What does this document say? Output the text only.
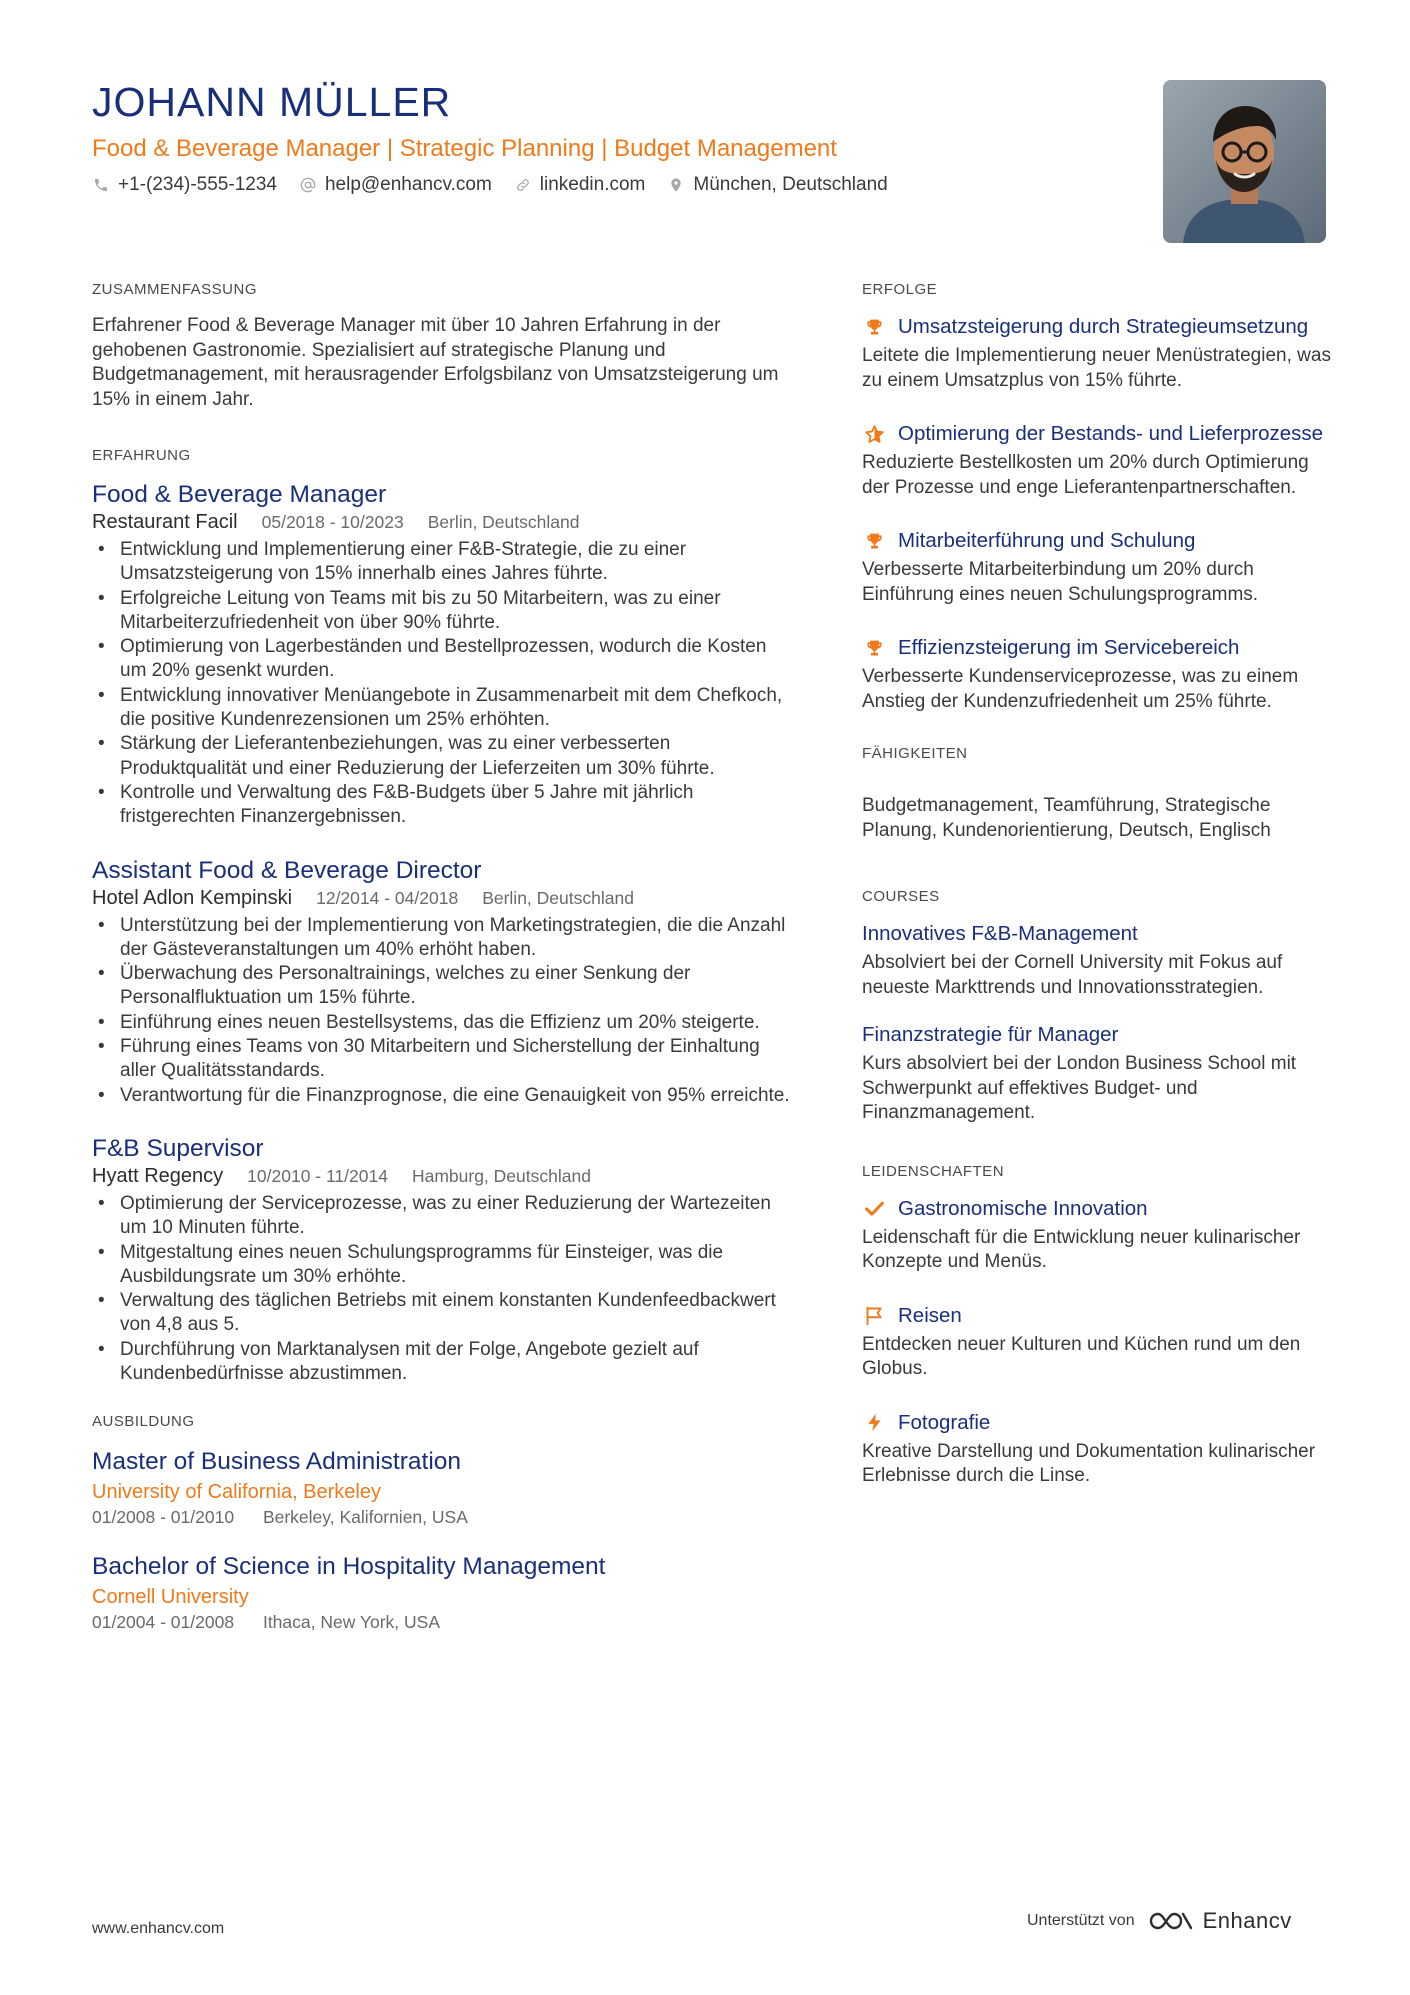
JOHANN MÜLLER
Food & Beverage Manager | Strategic Planning | Budget Management
+1-(234)-555-1234	help@enhancv.com	linkedin.com	München, Deutschland
ZUSAMMENFASSUNG
Erfahrener Food & Beverage Manager mit über 10 Jahren Erfahrung in der gehobenen Gastronomie. Spezialisiert auf strategische Planung und Budgetmanagement, mit herausragender Erfolgsbilanz von Umsatzsteigerung um 15% in einem Jahr.
ERFAHRUNG
Food & Beverage Manager
Restaurant Facil 05/2018 - 10/2023 Berlin, Deutschland
• Entwicklung und Implementierung einer F&B-Strategie, die zu einer Umsatzsteigerung von 15% innerhalb eines Jahres führte.
• Erfolgreiche Leitung von Teams mit bis zu 50 Mitarbeitern, was zu einer Mitarbeiterzufriedenheit von über 90% führte.
• Optimierung von Lagerbeständen und Bestellprozessen, wodurch die Kosten um 20% gesenkt wurden.
• Entwicklung innovativer Menüangebote in Zusammenarbeit mit dem Chefkoch, die positive Kundenrezensionen um 25% erhöhten.
• Stärkung der Lieferantenbeziehungen, was zu einer verbesserten Produktqualität und einer Reduzierung der Lieferzeiten um 30% führte.
• Kontrolle und Verwaltung des F&B-Budgets über 5 Jahre mit jährlich fristgerechten Finanzergebnissen.
Assistant Food & Beverage Director
Hotel Adlon Kempinski 12/2014 - 04/2018 Berlin, Deutschland
• Unterstützung bei der Implementierung von Marketingstrategien, die die Anzahl der Gästeveranstaltungen um 40% erhöht haben.
• Überwachung des Personaltrainings, welches zu einer Senkung der Personalfluktuation um 15% führte.
• Einführung eines neuen Bestellsystems, das die Effizienz um 20% steigerte.
• Führung eines Teams von 30 Mitarbeitern und Sicherstellung der Einhaltung aller Qualitätsstandards.
• Verantwortung für die Finanzprognose, die eine Genauigkeit von 95% erreichte.
F&B Supervisor
Hyatt Regency 10/2010 - 11/2014 Hamburg, Deutschland
• Optimierung der Serviceprozesse, was zu einer Reduzierung der Wartezeiten um 10 Minuten führte.
• Mitgestaltung eines neuen Schulungsprogramms für Einsteiger, was die Ausbildungsrate um 30% erhöhte.
• Verwaltung des täglichen Betriebs mit einem konstanten Kundenfeedbackwert von 4,8 aus 5.
• Durchführung von Marktanalysen mit der Folge, Angebote gezielt auf Kundenbedürfnisse abzustimmen.
AUSBILDUNG
Master of Business Administration
University of California, Berkeley
01/2008 - 01/2010 Berkeley, Kalifornien, USA
Bachelor of Science in Hospitality Management
Cornell University
01/2004 - 01/2008 Ithaca, New York, USA
ERFOLGE
Umsatzsteigerung durch Strategieumsetzung
Leitete die Implementierung neuer Menüstrategien, was zu einem Umsatzplus von 15% führte.
Optimierung der Bestands- und Lieferprozesse
Reduzierte Bestellkosten um 20% durch Optimierung der Prozesse und enge Lieferantenpartnerschaften.
Mitarbeiterführung und Schulung
Verbesserte Mitarbeiterbindung um 20% durch Einführung eines neuen Schulungsprogramms.
Effizienzsteigerung im Servicebereich
Verbesserte Kundenserviceprozesse, was zu einem Anstieg der Kundenzufriedenheit um 25% führte.
FÄHIGKEITEN
Budgetmanagement, Teamführung, Strategische Planung, Kundenorientierung, Deutsch, Englisch
COURSES
Innovatives F&B-Management
Absolviert bei der Cornell University mit Fokus auf neueste Markttrends und Innovationsstrategien.
Finanzstrategie für Manager
Kurs absolviert bei der London Business School mit Schwerpunkt auf effektives Budget- und Finanzmanagement.
LEIDENSCHAFTEN
Gastronomische Innovation
Leidenschaft für die Entwicklung neuer kulinarischer Konzepte und Menüs.
Reisen
Entdecken neuer Kulturen und Küchen rund um den Globus.
Fotografie
Kreative Darstellung und Dokumentation kulinarischer Erlebnisse durch die Linse.
www.enhancv.com	Unterstützt von	Enhancv
